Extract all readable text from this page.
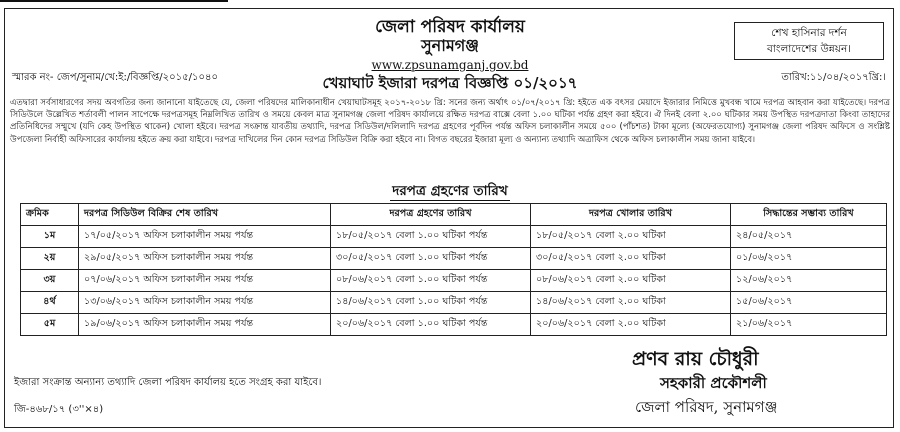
জেলা পরিষদ কার্যালয়
সুনামগঞ্জ
শেখ হাসিনার দর্শন
বাংলাদেশের উন্নয়ন।
www.zpsunamganj.gov.bd
স্মারক নং- জেপ/সুনাম/খে:ই:/বিজ্ঞপ্তি/২০১৫/১০৪০	খেয়াঘাট ইজারা দরপত্র বিজ্ঞপ্তি ০১/২০১৭	তারিখ:১১/০৪/২০১৭খ্রি:।
এতদ্বারা সর্বসাধারণের সদয় অবগতির জন্য জানানো যাইতেছে যে, জেলা পরিষদের মালিকানাধীন খেয়াঘাটসমূহ ২০১৭-২০১৮ খ্রি: সনের জন্য অর্থাৎ ০১/০৭/২০১৭ খ্রি: হইতে এক বৎসর মেয়াদে ইজারার নিমিত্তে মুখবন্ধ খামে দরপত্র আহবান করা যাইতেছে। দরপত্র সিডিউলে উল্লেখিত শর্তাবলী পালন সাপেক্ষে দরপত্রসমূহ নিম্নলিখিত তারিখ ও সময়ে কেবল মাত্র সুনামগঞ্জ জেলা পরিষদ কার্যালয়ে রক্ষিত দরপত্র বাক্সে বেলা ১.০০ ঘটিকা পর্যন্ত গ্রহণ করা হইবে। ঐ দিনই বেলা ২.০০ ঘটিকার সময় উপস্থিত দরপত্রদাতা কিংবা তাহাদের প্রতিনিধিদের সম্মুখে (যদি কেহ উপস্থিত থাকেন) খোলা হইবে। দরপত্র সংক্রান্ত যাবতীয় তথ্যাদি, দরপত্র সিডিউল/দলিলাদি দরপত্র গ্রহণের পূর্বদিন পর্যন্ত অফিস চলাকালীন সময়ে ৫০০ (পাঁচশত) টাকা মূল্যে (অফেরতযোগ্য) সুনামগঞ্জ জেলা পরিষদ অফিসে ও সংশ্লিষ্ট উপজেলা নির্বাহী অফিসারের কার্যালয় হইতে ক্রয় করা যাইবে। দরপত্র দাখিলের দিন কোন দরপত্র সিডিউল বিক্রি করা হইবে না। বিগত বছরের ইজারা মূল্য ও অন্যান্য তথ্যাদি অত্রাফিস থেকে অফিস চলাকালীন সময় জানা যাইবে।
দরপত্র গ্রহণের তারিখ
ক্রমিক	দরপত্র সিডিউল বিক্রির শেষ তারিখ	দরপত্র গ্রহণের তারিখ	দরপত্র খোলার তারিখ	সিদ্ধান্তের সম্ভাব্য তারিখ
১ম	১৭/০৫/২০১৭ অফিস চলাকালীন সময় পর্যন্ত	১৮/০৫/২০১৭ বেলা ১.০০ ঘটিকা পর্যন্ত	১৮/০৫/২০১৭ বেলা ২.০০ ঘটিকা	২৪/০৫/২০১৭
২য়	২৯/০৫/২০১৭ অফিস চলাকালীন সময় পর্যন্ত	৩০/০৫/২০১৭ বেলা ১.০০ ঘটিকা পর্যন্ত	৩০/০৫/২০১৭ বেলা ২.০০ ঘটিকা	০১/০৬/২০১৭
৩য়	০৭/০৬/২০১৭ অফিস চলাকালীন সময় পর্যন্ত	০৮/০৬/২০১৭ বেলা ১.০০ ঘটিকা পর্যন্ত	০৮/০৬/২০১৭ বেলা ২.০০ ঘটিকা	১২/০৬/২০১৭
৪র্থ	১৩/০৬/২০১৭ অফিস চলাকালীন সময় পর্যন্ত	১৪/০৬/২০১৭ বেলা ১.০০ ঘটিকা পর্যন্ত	১৪/০৬/২০১৭ বেলা ২.০০ ঘটিকা	১৫/০৬/২০১৭
৫ম	১৯/০৬/২০১৭ অফিস চলাকালীন সময় পর্যন্ত	২০/০৬/২০১৭ বেলা ১.০০ ঘটিকা পর্যন্ত	২০/০৬/২০১৭ বেলা ২.০০ ঘটিকা	২১/০৬/২০১৭
ইজারা সংক্রান্ত অন্যান্য তথ্যাদি জেলা পরিষদ কার্যালয় হতে সংগ্রহ করা যাইবে।
জি-৪৬৮/১৭ (৩''×৪)
প্রণব রায় চৌধুরী
সহকারী প্রকৌশলী
জেলা পরিষদ, সুনামগঞ্জ
